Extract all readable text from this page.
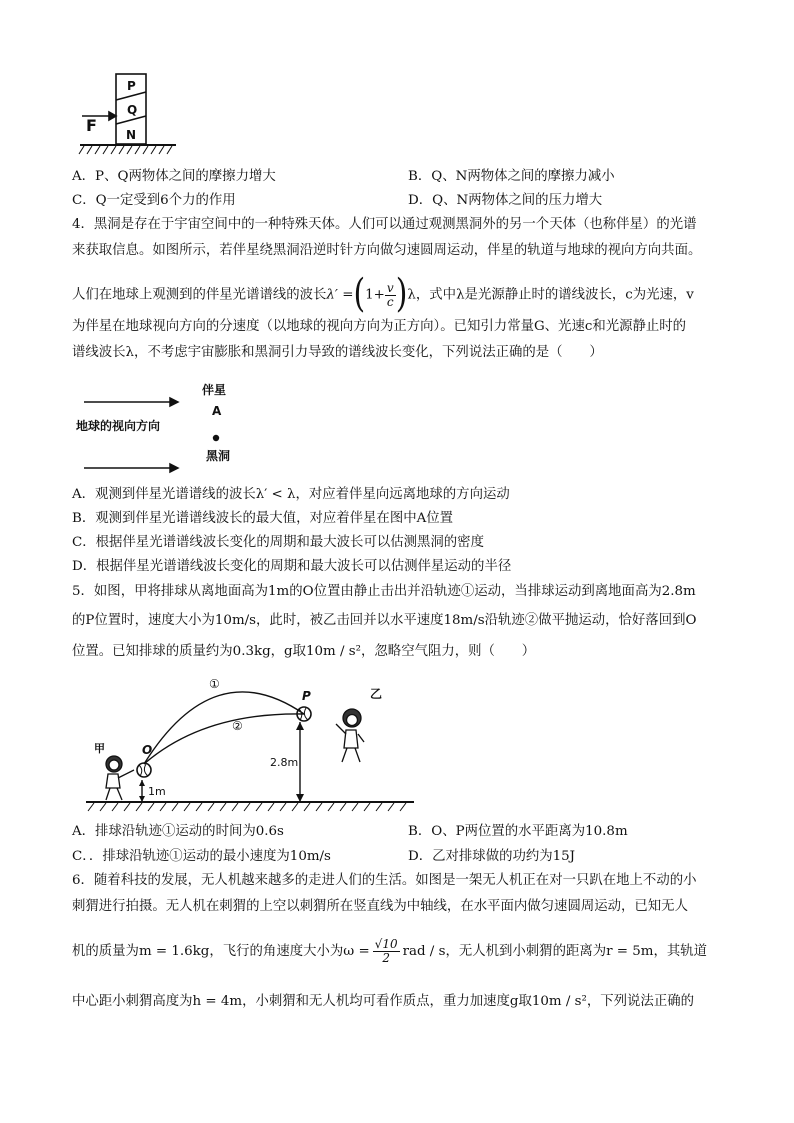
F
P
Q
N
A．P、Q两物体之间的摩擦力增大	B．Q、N两物体之间的摩擦力减小
C．Q一定受到6个力的作用	D．Q、N两物体之间的压力增大
4．黑洞是存在于宇宙空间中的一种特殊天体。人们可以通过观测黑洞外的另一个天体（也称伴星）的光谱
来获取信息。如图所示，若伴星绕黑洞沿逆时针方向做匀速圆周运动，伴星的轨道与地球的视向方向共面。
人们在地球上观测到的伴星光谱谱线的波长$\lambda' =(1+ \frac{v}{c} )\lambda$，式中λ是光源静止时的谱线波长，c为光速，v
为伴星在地球视向方向的分速度（以地球的视向方向为正方向）。已知引力常量G、光速c和光源静止时的
谱线波长λ，不考虑宇宙膨胀和黑洞引力导致的谱线波长变化，下列说法正确的是（　　）
伴星
A
地球的视向方向
黑洞
A．观测到伴星光谱谱线的波长λ′ < λ，对应着伴星向远离地球的方向运动
B．观测到伴星光谱谱线波长的最大值，对应着伴星在图中A位置
C．根据伴星光谱谱线波长变化的周期和最大波长可以估测黑洞的密度
D．根据伴星光谱谱线波长变化的周期和最大波长可以估测伴星运动的半径
5．如图，甲将排球从离地面高为1m的O位置由静止击出并沿轨迹①运动，当排球运动到离地面高为2.8m
的P位置时，速度大小为10m/s，此时，被乙击回并以水平速度18m/s沿轨迹②做平抛运动，恰好落回到O
位置。已知排球的质量约为0.3kg，g取10m / s²，忽略空气阻力，则（　　）
①
②
P
O
甲
乙
1m
2.8m
A．排球沿轨迹①运动的时间为0.6s	B．O、P两位置的水平距离为10.8m
C．．排球沿轨迹①运动的最小速度为10m/s	D．乙对排球做的功约为15J
6．随着科技的发展，无人机越来越多的走进人们的生活。如图是一架无人机正在对一只趴在地上不动的小
刺猬进行拍摄。无人机在刺猬的上空以刺猬所在竖直线为中轴线，在水平面内做匀速圆周运动，已知无人
机的质量为m = 1.6kg，飞行的角速度大小为$\omega = \frac{√10}{2}$ rad / s，无人机到小刺猬的距离为r = 5m，其轨道
中心距小刺猬高度为h = 4m，小刺猬和无人机均可看作质点，重力加速度g取10m / s²，下列说法正确的
